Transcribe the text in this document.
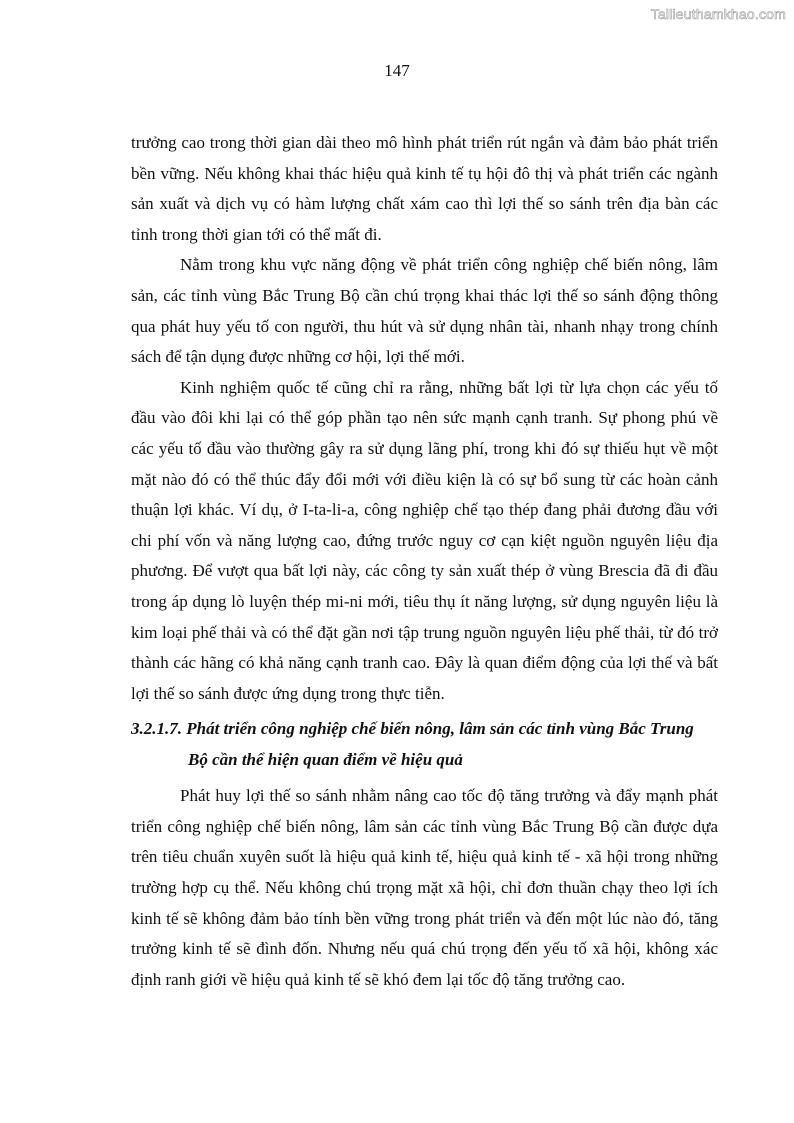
Tailieuthamkhao.com
147

trưởng cao trong thời gian dài theo mô hình phát triển rút ngắn và đảm bảo phát triển bền vững. Nếu không khai thác hiệu quả kinh tế tụ hội đô thị và phát triển các ngành sản xuất và dịch vụ có hàm lượng chất xám cao thì lợi thế so sánh trên địa bàn các tỉnh trong thời gian tới có thể mất đi.

Nằm trong khu vực năng động về phát triển công nghiệp chế biến nông, lâm sản, các tỉnh vùng Bắc Trung Bộ cần chú trọng khai thác lợi thế so sánh động thông qua phát huy yếu tố con người, thu hút và sử dụng nhân tài, nhanh nhạy trong chính sách để tận dụng được những cơ hội, lợi thế mới.

Kinh nghiệm quốc tế cũng chỉ ra rằng, những bất lợi từ lựa chọn các yếu tố đầu vào đôi khi lại có thể góp phần tạo nên sức mạnh cạnh tranh. Sự phong phú về các yếu tố đầu vào thường gây ra sử dụng lãng phí, trong khi đó sự thiếu hụt về một mặt nào đó có thể thúc đẩy đổi mới với điều kiện là có sự bổ sung từ các hoàn cảnh thuận lợi khác. Ví dụ, ở I-ta-li-a, công nghiệp chế tạo thép đang phải đương đầu với chi phí vốn và năng lượng cao, đứng trước nguy cơ cạn kiệt nguồn nguyên liệu địa phương. Để vượt qua bất lợi này, các công ty sản xuất thép ở vùng Brescia đã đi đầu trong áp dụng lò luyện thép mi-ni mới, tiêu thụ ít năng lượng, sử dụng nguyên liệu là kim loại phế thải và có thể đặt gần nơi tập trung nguồn nguyên liệu phế thải, từ đó trở thành các hãng có khả năng cạnh tranh cao. Đây là quan điểm động của lợi thế và bất lợi thế so sánh được ứng dụng trong thực tiễn.

3.2.1.7. Phát triển công nghiệp chế biến nông, lâm sản các tỉnh vùng Bắc Trung
Bộ cần thể hiện quan điểm về hiệu quả

Phát huy lợi thế so sánh nhằm nâng cao tốc độ tăng trưởng và đẩy mạnh phát triển công nghiệp chế biến nông, lâm sản các tỉnh vùng Bắc Trung Bộ cần được dựa trên tiêu chuẩn xuyên suốt là hiệu quả kinh tế, hiệu quả kinh tế - xã hội trong những trường hợp cụ thể. Nếu không chú trọng mặt xã hội, chỉ đơn thuần chạy theo lợi ích kinh tế sẽ không đảm bảo tính bền vững trong phát triển và đến một lúc nào đó, tăng trưởng kinh tế sẽ đình đốn. Nhưng nếu quá chú trọng đến yếu tố xã hội, không xác định ranh giới về hiệu quả kinh tế sẽ khó đem lại tốc độ tăng trưởng cao.
